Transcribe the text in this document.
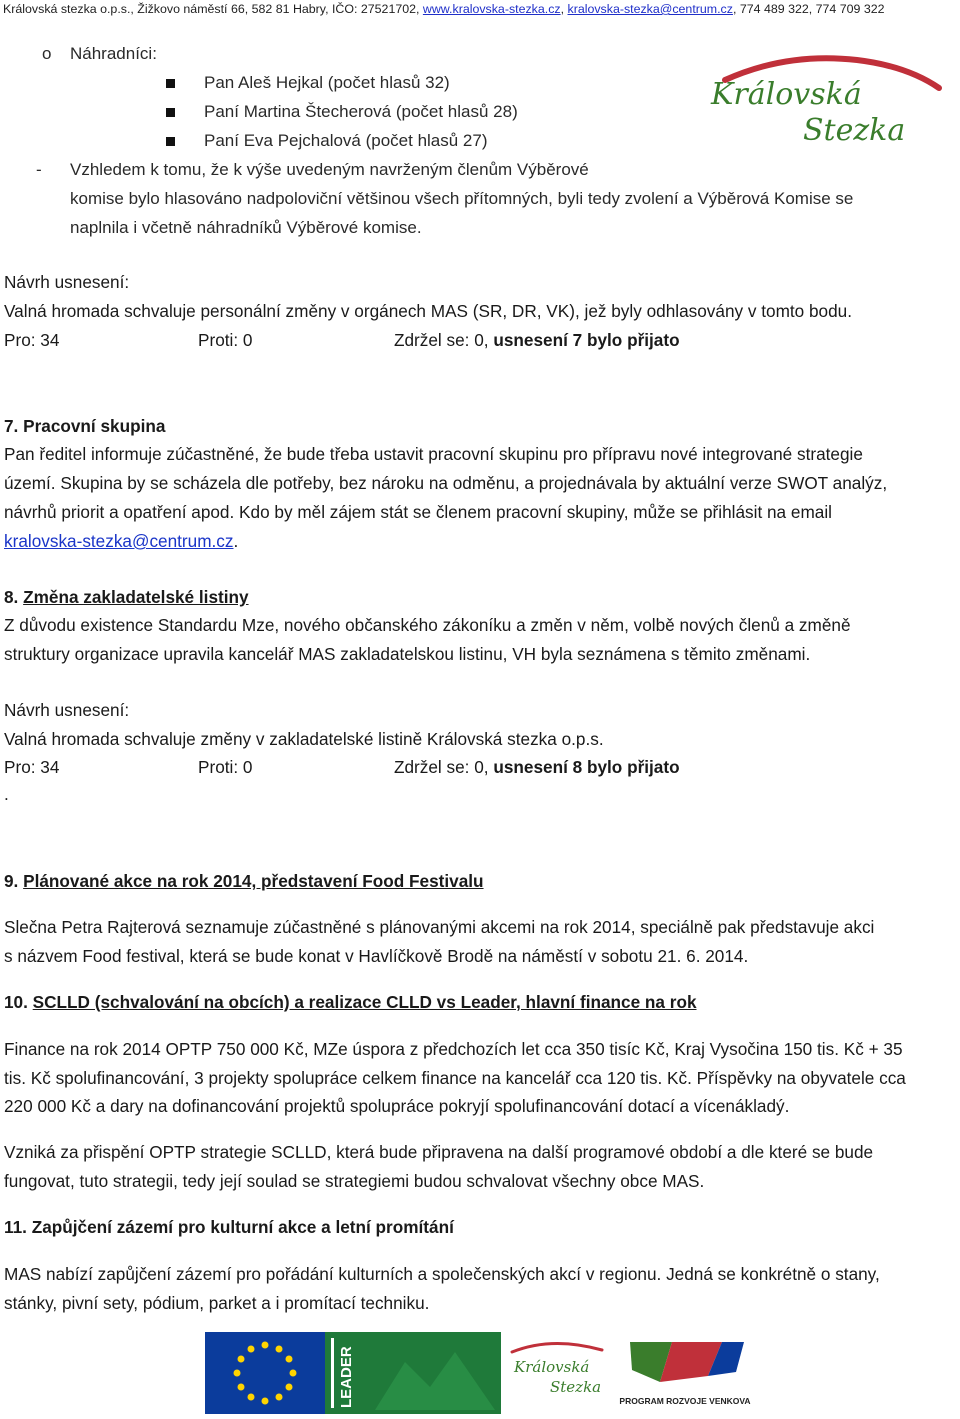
Královská stezka o.p.s., Žižkovo náměstí 66, 582 81 Habry, IČO: 27521702, www.kralovska-stezka.cz, kralovska-stezka@centrum.cz, 774 489 322, 774 709 322
Královská
Stezka
o Náhradníci:
Pan Aleš Hejkal (počet hlasů 32)
Paní Martina Štecherová (počet hlasů 28)
Paní Eva Pejchalová (počet hlasů 27)
- Vzhledem k tomu, že k výše uvedeným navrženým členům Výběrové
komise bylo hlasováno nadpoloviční většinou všech přítomných, byli tedy zvolení a Výběrová Komise se
naplnila i včetně náhradníků Výběrové komise.
Návrh usnesení:
Valná hromada schvaluje personální změny v orgánech MAS (SR, DR, VK), jež byly odhlasovány v tomto bodu.
Pro: 34	Proti: 0	Zdržel se: 0, usnesení 7 bylo přijato
7. Pracovní skupina
Pan ředitel informuje zúčastněné, že bude třeba ustavit pracovní skupinu pro přípravu nové integrované strategie
území. Skupina by se scházela dle potřeby, bez nároku na odměnu, a projednávala by aktuální verze SWOT analýz,
návrhů priorit a opatření apod. Kdo by měl zájem stát se členem pracovní skupiny, může se přihlásit na email
kralovska-stezka@centrum.cz.
8. Změna zakladatelské listiny
Z důvodu existence Standardu Mze, nového občanského zákoníku a změn v něm, volbě nových členů a změně
struktury organizace upravila kancelář MAS zakladatelskou listinu, VH byla seznámena s těmito změnami.
Návrh usnesení:
Valná hromada schvaluje změny v zakladatelské listině Královská stezka o.p.s.
Pro: 34	Proti: 0	Zdržel se: 0, usnesení 8 bylo přijato
.
9. Plánované akce na rok 2014, představení Food Festivalu
Slečna Petra Rajterová seznamuje zúčastněné s plánovanými akcemi na rok 2014, speciálně pak představuje akci
s názvem Food festival, která se bude konat v Havlíčkově Brodě na náměstí v sobotu 21. 6. 2014.
10. SCLLD (schvalování na obcích) a realizace CLLD vs Leader, hlavní finance na rok
Finance na rok 2014 OPTP 750 000 Kč, MZe úspora z předchozích let cca 350 tisíc Kč, Kraj Vysočina 150 tis. Kč + 35
tis. Kč spolufinancování, 3 projekty spolupráce celkem finance na kancelář cca 120 tis. Kč. Příspěvky na obyvatele cca
220 000 Kč a dary na dofinancování projektů spolupráce pokryjí spolufinancování dotací a vícenákladý.
Vzniká za přispění OPTP strategie SCLLD, která bude připravena na další programové období a dle které se bude
fungovat, tuto strategii, tedy její soulad se strategiemi budou schvalovat všechny obce MAS.
11. Zapůjčení zázemí pro kulturní akce a letní promítání
MAS nabízí zapůjčení zázemí pro pořádání kulturních a společenských akcí v regionu. Jedná se konkrétně o stany,
stánky, pivní sety, pódium, parket a i promítací techniku.
LEADER	Královská
Stezka
PROGRAM ROZVOJE VENKOVA
